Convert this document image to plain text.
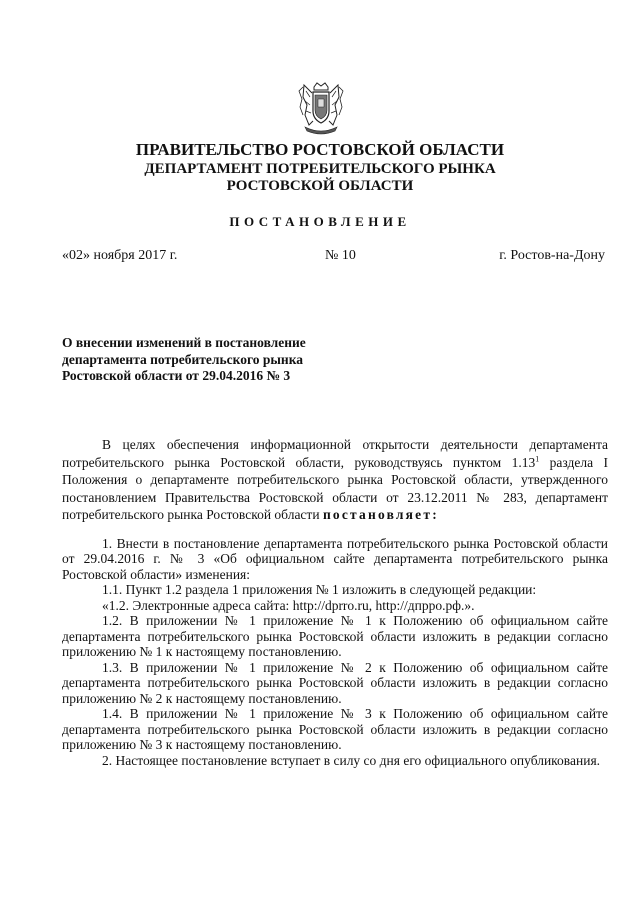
ПРАВИТЕЛЬСТВО РОСТОВСКОЙ ОБЛАСТИ
ДЕПАРТАМЕНТ ПОТРЕБИТЕЛЬСКОГО РЫНКА
РОСТОВСКОЙ ОБЛАСТИ
ПОСТАНОВЛЕНИЕ
«02» ноября 2017 г.	№ 10	г. Ростов-на-Дону
О внесении изменений в постановление
департамента потребительского рынка
Ростовской области от 29.04.2016 № 3

В целях обеспечения информационной открытости деятельности департамента потребительского рынка Ростовской области, руководствуясь пунктом 1.13$^1$ раздела I Положения о департаменте потребительского рынка Ростовской области, утвержденного постановлением Правительства Ростовской области от 23.12.2011 № 283, департамент потребительского рынка Ростовской области постановляет:

1. Внести в постановление департамента потребительского рынка Ростовской области от 29.04.2016 г. № 3 «Об официальном сайте департамента потребительского рынка Ростовской области» изменения:

1.1. Пункт 1.2 раздела 1 приложения № 1 изложить в следующей редакции:

«1.2. Электронные адреса сайта: http://dprro.ru, http://дпрро.рф.».

1.2. В приложении № 1 приложение № 1 к Положению об официальном сайте департамента потребительского рынка Ростовской области изложить в редакции согласно приложению № 1 к настоящему постановлению.

1.3. В приложении № 1 приложение № 2 к Положению об официальном сайте департамента потребительского рынка Ростовской области изложить в редакции согласно приложению № 2 к настоящему постановлению.

1.4. В приложении № 1 приложение № 3 к Положению об официальном сайте департамента потребительского рынка Ростовской области изложить в редакции согласно приложению № 3 к настоящему постановлению.

2. Настоящее постановление вступает в силу со дня его официального опубликования.
